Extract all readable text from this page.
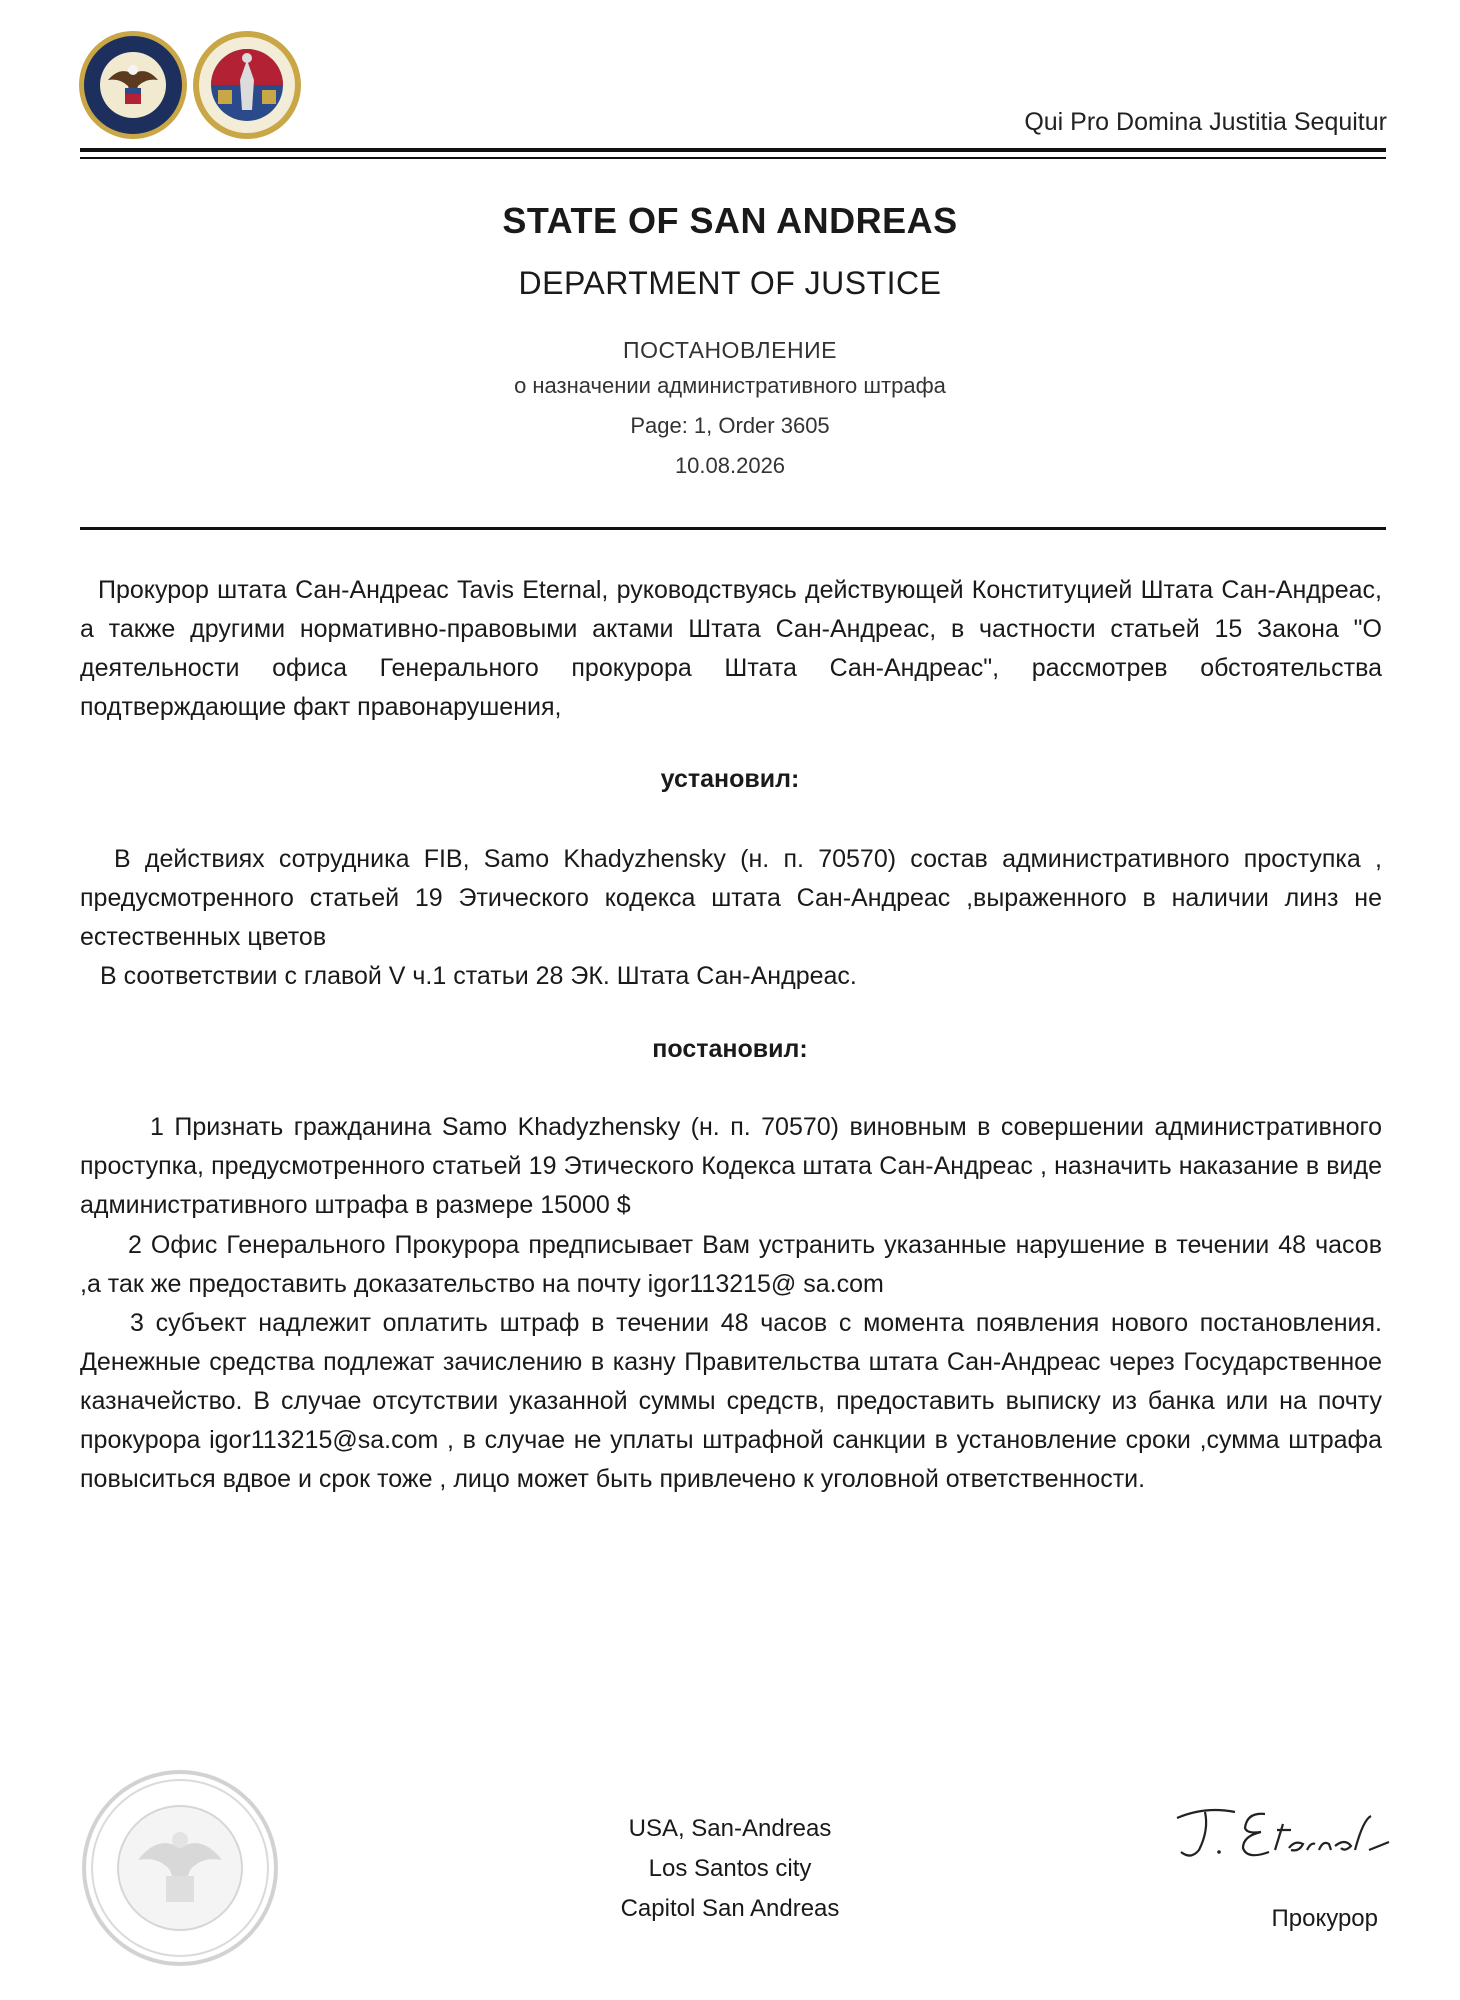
Qui Pro Domina Justitia Sequitur
STATE OF SAN ANDREAS
DEPARTMENT OF JUSTICE
ПОСТАНОВЛЕНИЕ
о назначении административного штрафа
Page: 1, Order 3605
10.08.2026

Прокурор штата Сан-Андреас Tavis Eternal, руководствуясь действующей Конституцией Штата Сан-Андреас, а также другими нормативно-правовыми актами Штата Сан-Андреас, в частности статьей 15 Закона "О деятельности офиса Генерального прокурора Штата Сан-Андреас", рассмотрев обстоятельства подтверждающие факт правонарушения,

установил:

В действиях сотрудника FIB, Samo Khadyzhensky (н. п. 70570) состав административного проступка , предусмотренного статьей 19 Этического кодекса штата Сан-Андреас ,выраженного в наличии линз не естественных цветов

В соответствии с главой V ч.1 статьи 28 ЭК. Штата Сан-Андреас.

постановил:

1 Признать гражданина Samo Khadyzhensky (н. п. 70570) виновным в совершении административного проступка, предусмотренного статьей 19 Этического Кодекса штата Сан-Андреас , назначить наказание в виде административного штрафа в размере 15000 $

2 Офис Генерального Прокурора предписывает Вам устранить указанные нарушение в течении 48 часов ,а так же предоставить доказательство на почту igor113215@ sa.com

3 субъект надлежит оплатить штраф в течении 48 часов с момента появления нового постановления. Денежные средства подлежат зачислению в казну Правительства штата Сан-Андреас через Государственное казначейство. В случае отсутствии указанной суммы средств, предоставить выписку из банка или на почту прокурора igor113215@sa.com , в случае не уплаты штрафной санкции в установление сроки ,сумма штрафа повыситься вдвое и срок тоже , лицо может быть привлечено к уголовной ответственности.

USA, San-Andreas
Los Santos city
Capitol San Andreas	Прокурор
